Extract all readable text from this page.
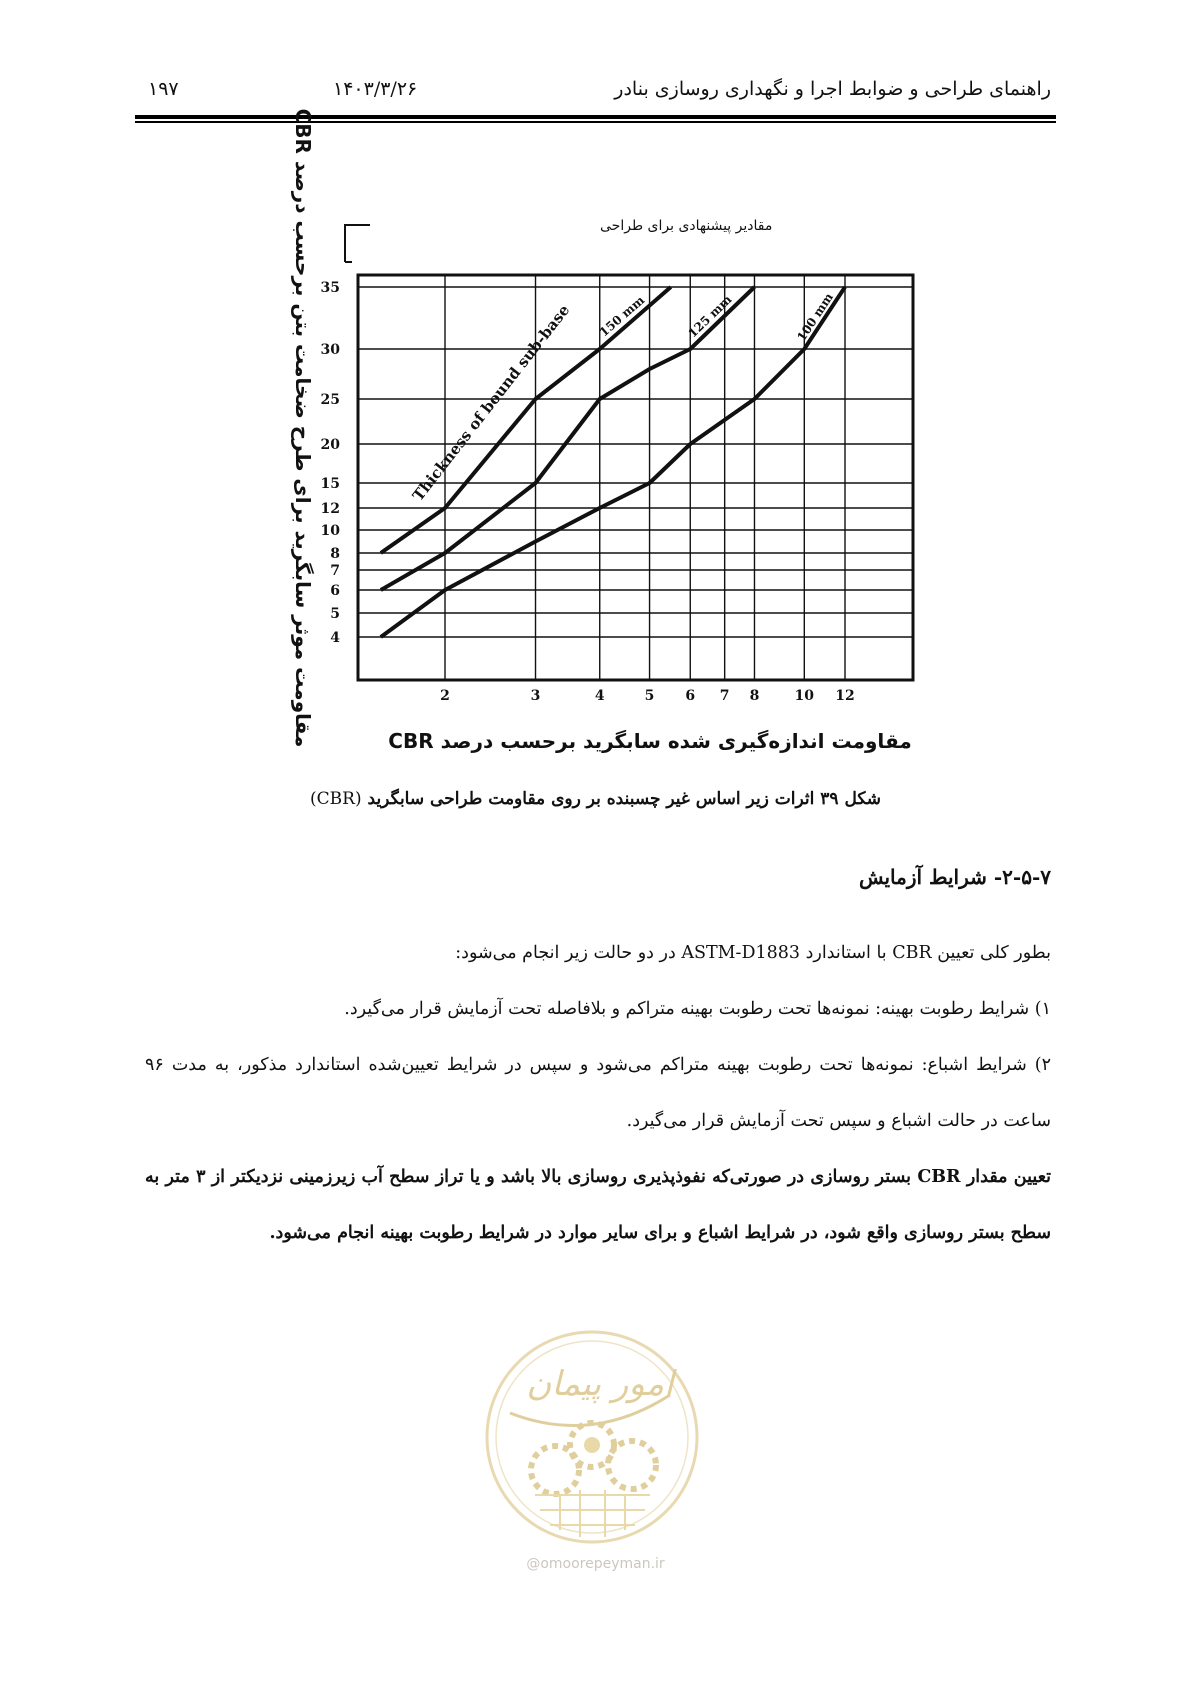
راهنمای طراحی و ضوابط اجرا و نگهداری روسازی بنادر
۱۴۰۳/۳/۲۶
۱۹۷
4
5
6
7
8
10
12
15
20
25
30
35
2	3	4	5 6 7 8	10 12
150 mm	125 mm	100 mm
Thickness of bound sub-base
مقادیر پیشنهادی برای طراحی
مقاومت موثر سابگرید برای طرح ضخامت بتن برحسب درصد CBR	مقاومت اندازه‌گیری شده سابگرید برحسب درصد CBR
شکل ۳۹ اثرات زیر اساس غیر چسبنده بر روی مقاومت طراحی سابگرید (CBR)
۲-۵-۷- شرایط آزمایش
بطور کلی تعیین CBR با استاندارد ASTM-D1883 در دو حالت زیر انجام می‌شود:
۱) شرایط رطوبت بهینه: نمونه‌ها تحت رطوبت بهینه متراکم و بلافاصله تحت آزمایش قرار می‌گیرد.
۲) شرایط اشباع: نمونه‌ها تحت رطوبت بهینه متراکم می‌شود و سپس در شرایط تعیین‌شده استاندارد مذکور، به مدت ۹۶ ساعت در حالت اشباع و سپس تحت آزمایش قرار می‌گیرد.
تعیین مقدار CBR بستر روسازی در صورتی‌که نفوذپذیری روسازی بالا باشد و یا تراز سطح آب زیرزمینی نزدیکتر از ۳ متر به سطح بستر روسازی واقع شود، در شرایط اشباع و برای سایر موارد در شرایط رطوبت بهینه انجام می‌شود.
امور پیمان
@omoorepeyman.ir
